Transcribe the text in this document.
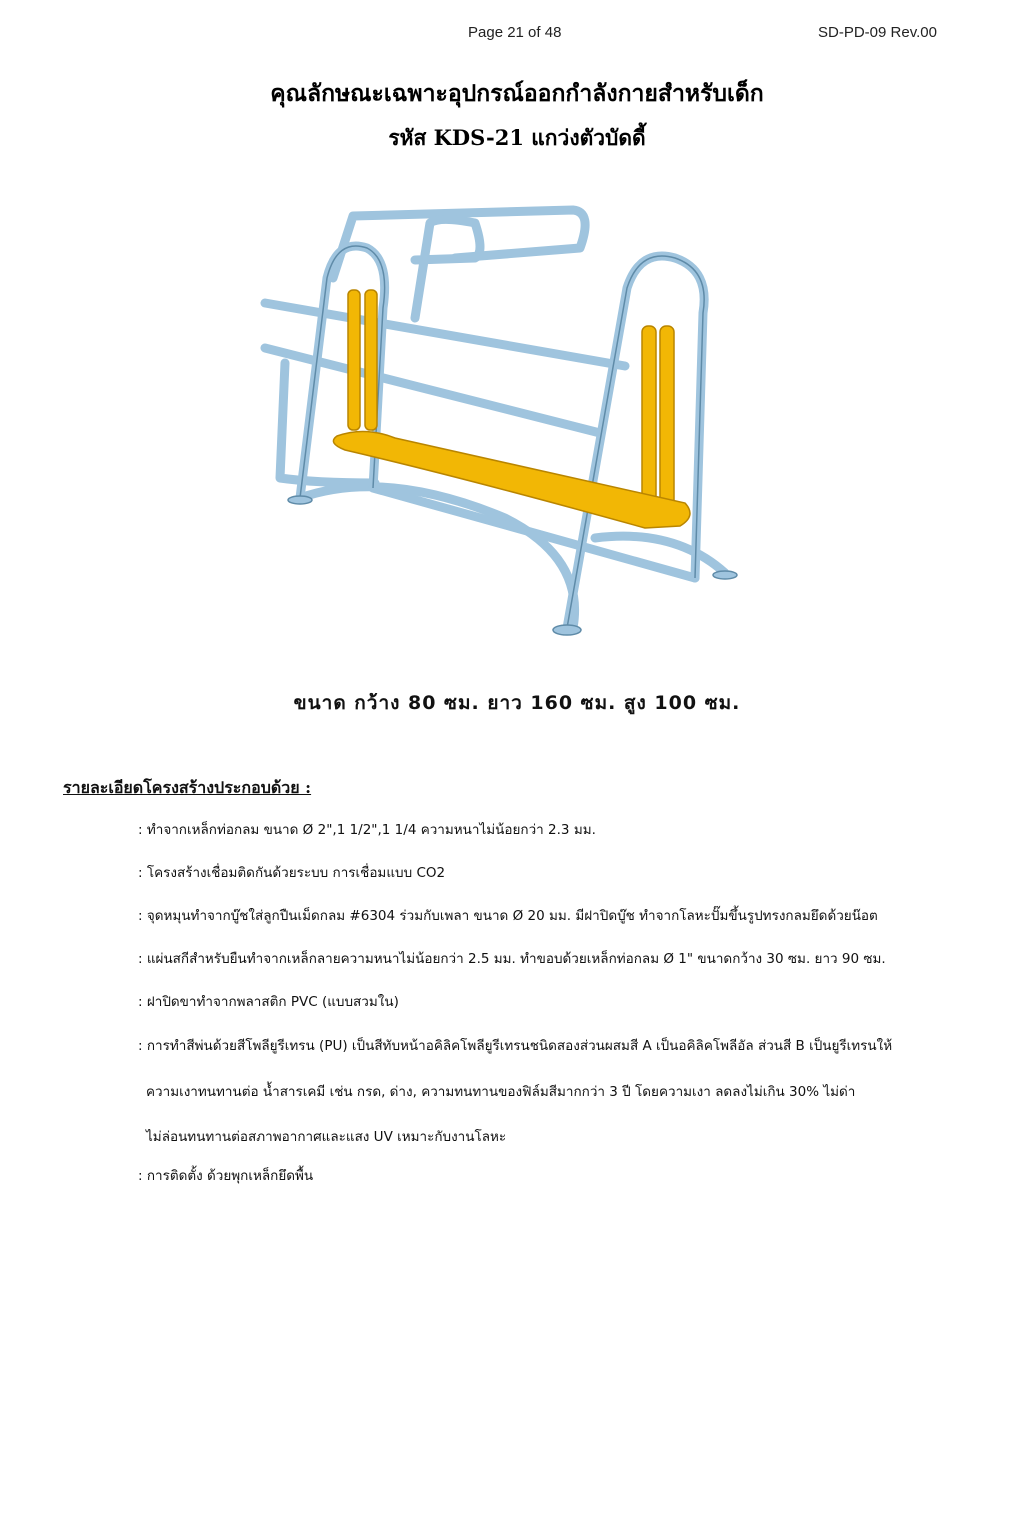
Page 21 of 48	SD-PD-09 Rev.00
คุณลักษณะเฉพาะอุปกรณ์ออกกำลังกายสำหรับเด็ก
รหัส KDS-21 แกว่งตัวบัดดี้
ขนาด กว้าง 80 ซม. ยาว 160 ซม. สูง 100 ซม.
รายละเอียดโครงสร้างประกอบด้วย :
: ทำจากเหล็กท่อกลม ขนาด Ø 2",1 1/2",1 1/4 ความหนาไม่น้อยกว่า 2.3 มม.
: โครงสร้างเชื่อมติดกันด้วยระบบ การเชื่อมแบบ CO2
: จุดหมุนทำจากบู๊ชใส่ลูกปืนเม็ดกลม #6304 ร่วมกับเพลา ขนาด Ø 20 มม. มีฝาปิดบู๊ช ทำจากโลหะปั๊มขึ้นรูปทรงกลมยึดด้วยน๊อต
: แผ่นสกีสำหรับยืนทำจากเหล็กลายความหนาไม่น้อยกว่า 2.5 มม. ทำขอบด้วยเหล็กท่อกลม Ø 1" ขนาดกว้าง 30 ซม. ยาว 90 ซม.
: ฝาปิดขาทำจากพลาสติก PVC (แบบสวมใน)
: การทำสีพ่นด้วยสีโพลียูรีเทรน (PU) เป็นสีทับหน้าอคิลิคโพลียูรีเทรนชนิดสองส่วนผสมสี A เป็นอคิลิคโพลีอัล ส่วนสี B เป็นยูรีเทรนให้
ความเงาทนทานต่อ น้ำสารเคมี เช่น กรด, ด่าง, ความทนทานของฟิล์มสีมากกว่า 3 ปี โดยความเงา ลดลงไม่เกิน 30% ไม่ด่า
ไม่ล่อนทนทานต่อสภาพอากาศและแสง UV เหมาะกับงานโลหะ
: การติดตั้ง ด้วยพุกเหล็กยึดพื้น
